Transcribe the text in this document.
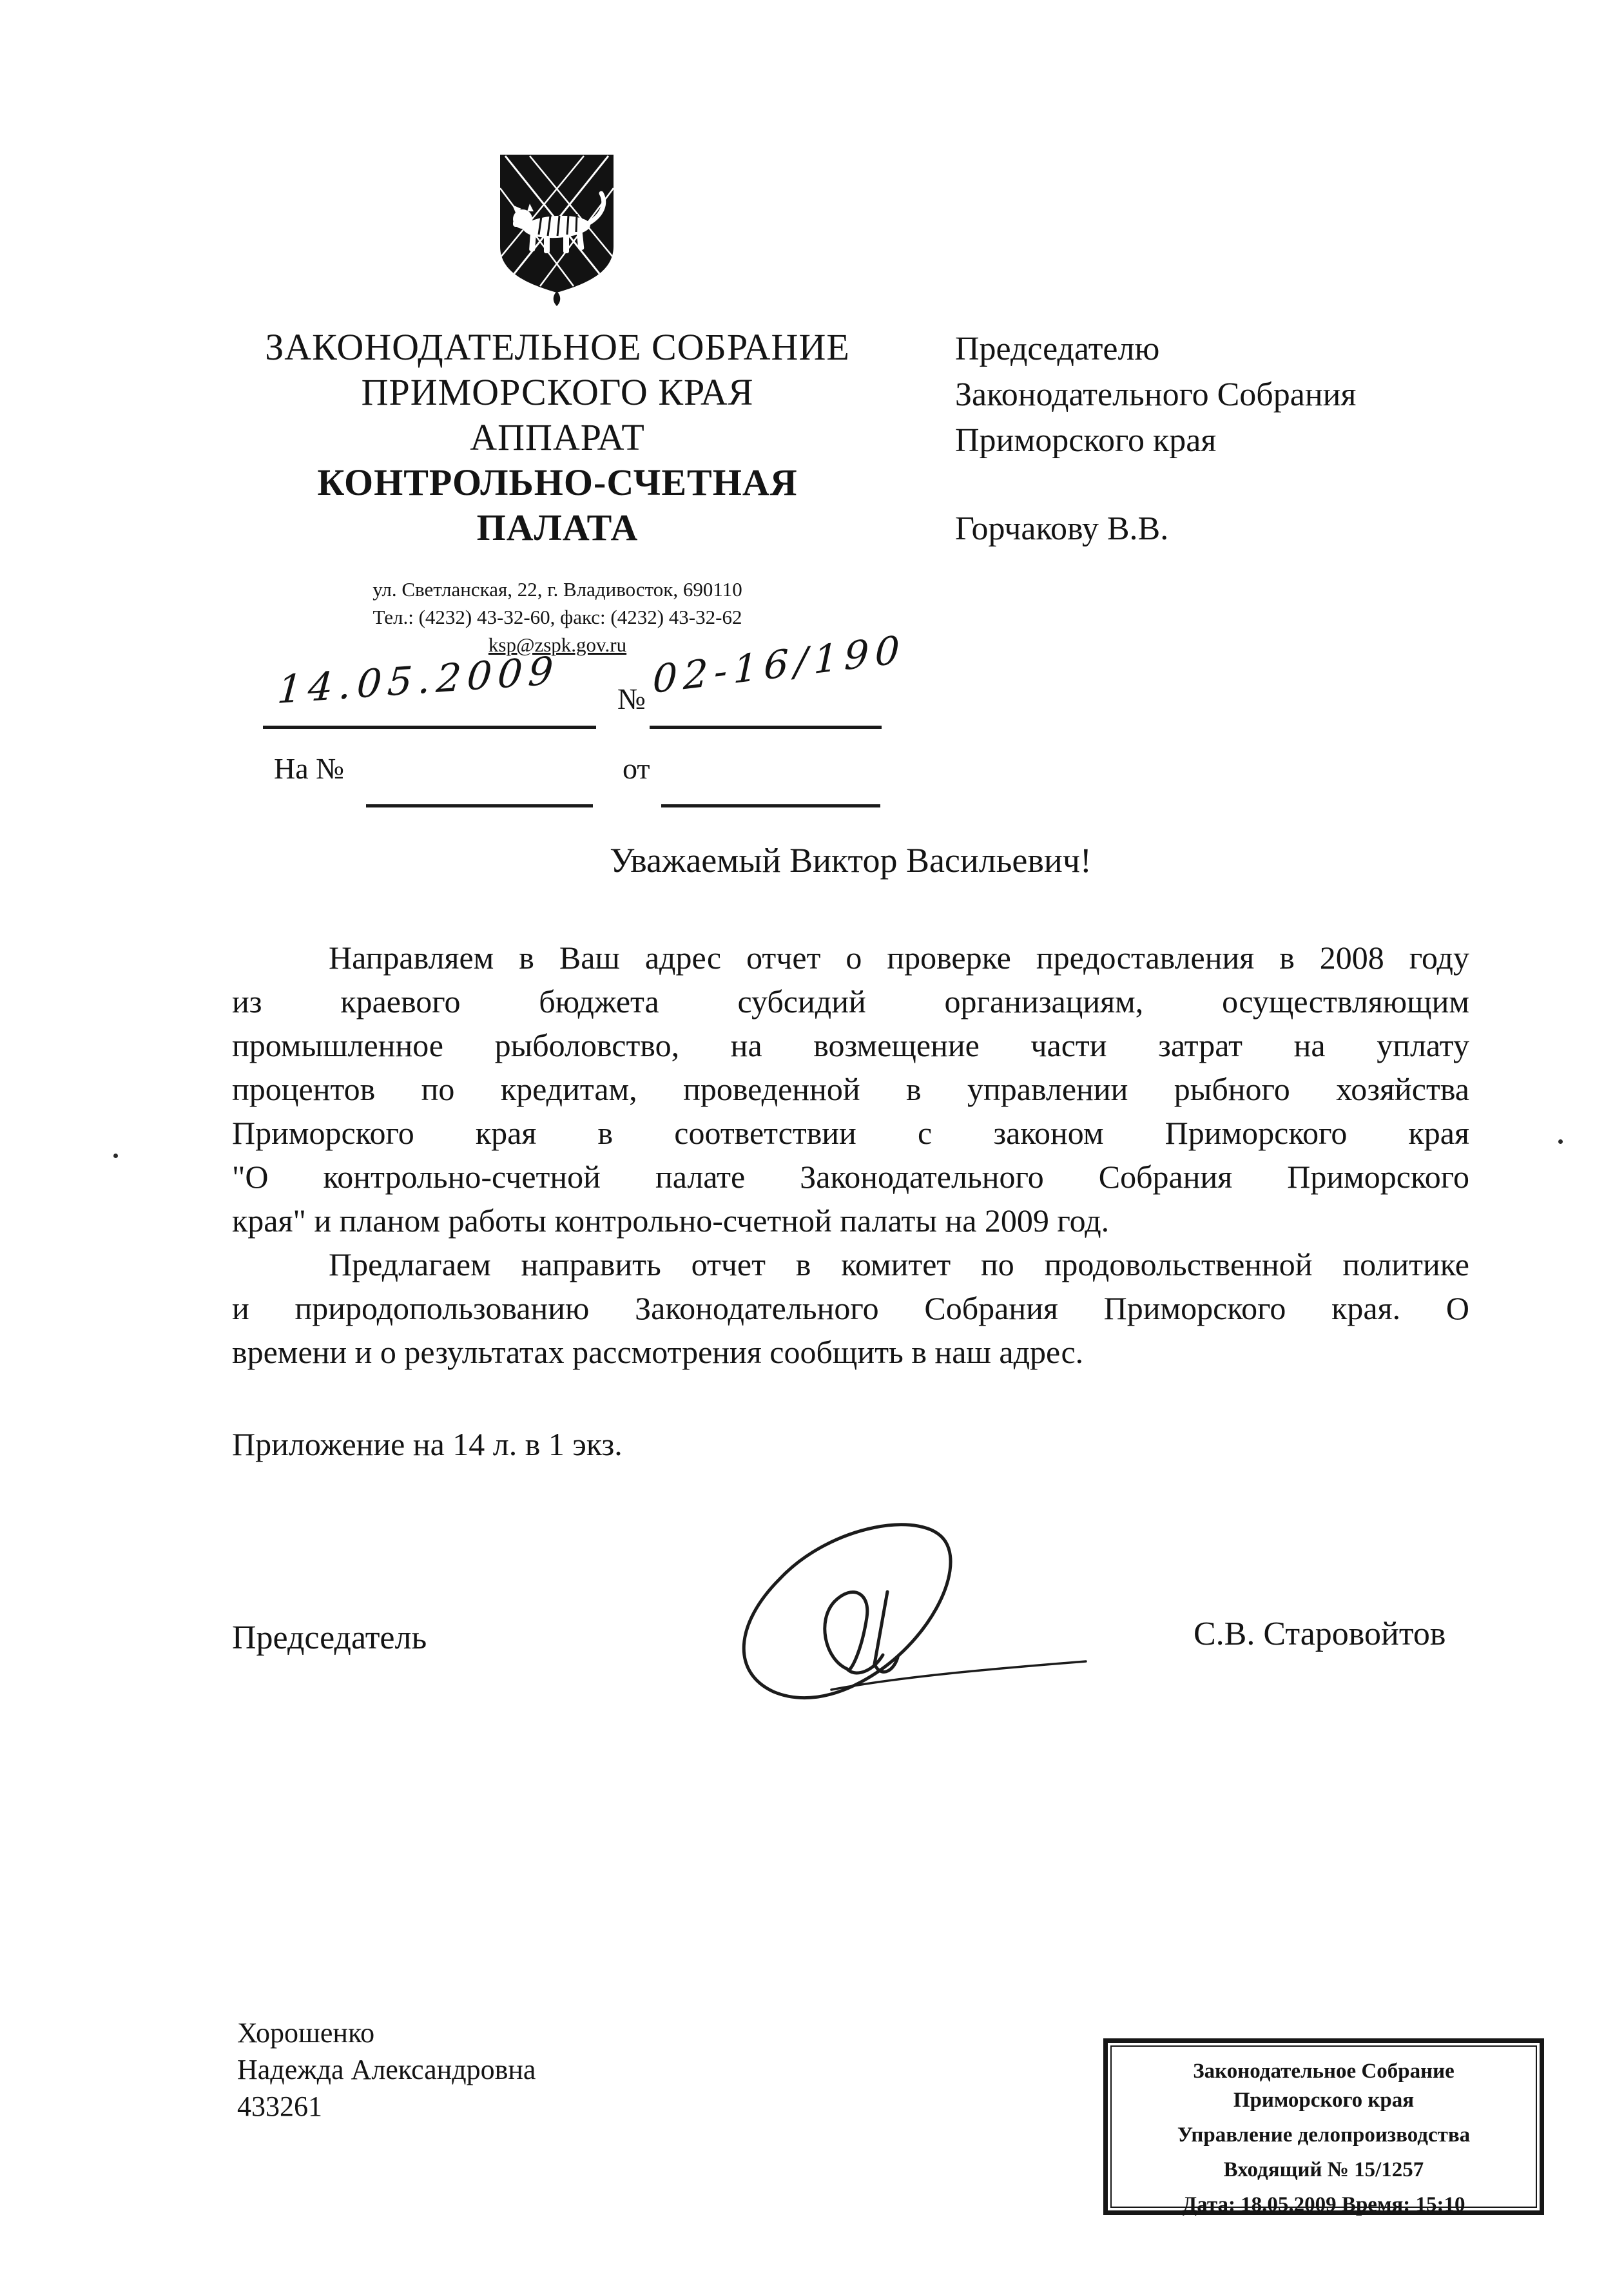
ЗАКОНОДАТЕЛЬНОЕ СОБРАНИЕ
ПРИМОРСКОГО КРАЯ
АППАРАТ
КОНТРОЛЬНО-СЧЕТНАЯ
ПАЛАТА
ул. Светланская, 22, г. Владивосток, 690110
Тел.: (4232) 43-32-60, факс: (4232) 43-32-62
ksp@zspk.gov.ru
Председателю
Законодательного Собрания
Приморского края
Горчакову В.В.
14.05.2009 № 02-16/190
На №	от
Уважаемый Виктор Васильевич!
Направляем в Ваш адрес отчет о проверке предоставления в 2008 году
из краевого бюджета субсидий организациям, осуществляющим
промышленное рыболовство, на возмещение части затрат на уплату
процентов по кредитам, проведенной в управлении рыбного хозяйства
Приморского края в соответствии с законом Приморского края
"О контрольно-счетной палате Законодательного Собрания Приморского
края" и планом работы контрольно-счетной палаты на 2009 год.
Предлагаем направить отчет в комитет по продовольственной политике
и природопользованию Законодательного Собрания Приморского края. О
времени и о результатах рассмотрения сообщить в наш адрес.
Приложение на 14 л. в 1 экз.
Председатель	С.В. Старовойтов
Хорошенко
Надежда Александровна
433261
Законодательное Собрание
Приморского края
Управление делопроизводства
Входящий № 15/1257
Дата: 18.05.2009 Время: 15:10
